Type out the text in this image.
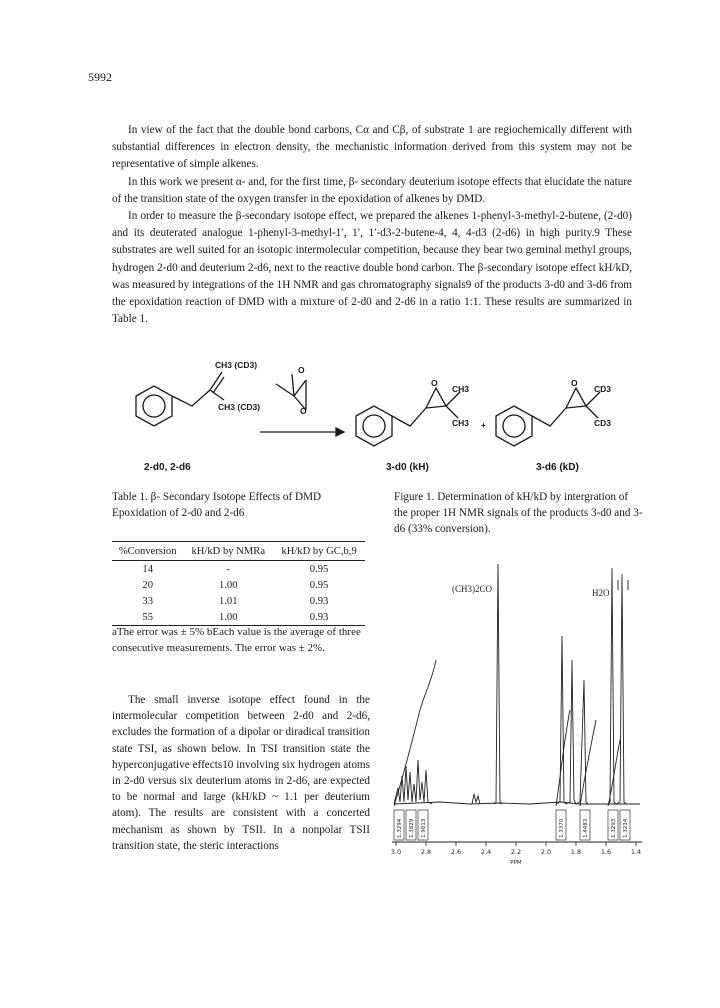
5992

In view of the fact that the double bond carbons, Cα and Cβ, of substrate 1 are regiochemically different with substantial differences in electron density, the mechanistic information derived from this system may not be representative of simple alkenes.

In this work we present α- and, for the first time, β- secondary deuterium isotope effects that elucidate the nature of the transition state of the oxygen transfer in the epoxidation of alkenes by DMD.

In order to measure the β-secondary isotope effect, we prepared the alkenes 1-phenyl-3-methyl-2-butene, (2-d0) and its deuterated analogue 1-phenyl-3-methyl-1′, 1′, 1′-d3-2-butene-4, 4, 4-d3 (2-d6) in high purity.9 These substrates are well suited for an isotopic intermolecular competition, because they bear two geminal methyl groups, hydrogen 2-d0 and deuterium 2-d6, next to the reactive double bond carbon. The β-secondary isotope effect kH/kD, was measured by integrations of the 1H NMR and gas chromatography signals9 of the products 3-d0 and 3-d6 from the epoxidation reaction of DMD with a mixture of 2-d0 and 2-d6 in a ratio 1:1. These results are summarized in Table 1.

CH3 (CD3)
CH3 (CD3)
O
O
O
CH3
CH3 +
O
CD3
CD3
2-d0, 2-d6	3-d0 (kH)	3-d6 (kD)
Table 1. β- Secondary Isotope Effects of DMD Epoxidation of 2-d0 and 2-d6
%Conversion	kH/kD by NMRa	kH/kD by GC,b,9
14	-	0.95
20	1.00	0.95
33	1.01	0.93
55	1.00	0.93
aThe error was ± 5% bEach value is the average of three consecutive measurements. The error was ± 2%.

The small inverse isotope effect found in the intermolecular competition between 2-d0 and 2-d6, excludes the formation of a dipolar or diradical transition state TSI, as shown below. In TSI transition state the hyperconjugative effects10 involving six hydrogen atoms in 2-d0 versus six deuterium atoms in 2-d6, are expected to be normal and large (kH/kD ~ 1.1 per deuterium atom). The results are consistent with a concerted mechanism as shown by TSII. In a nonpolar TSII transition state, the steric interactions

Figure 1. Determination of kH/kD by intergration of the proper 1H NMR signals of the products 3-d0 and 3-d6 (33% conversion).
1.3294 1.3829 1.9813	1.3370	1.4483	1.3293 1.3234
3.0	2.8	2.6	2.4	2.2	2.0	1.8	1.6	1.4
PPM
(CH3)2CO	H2O
